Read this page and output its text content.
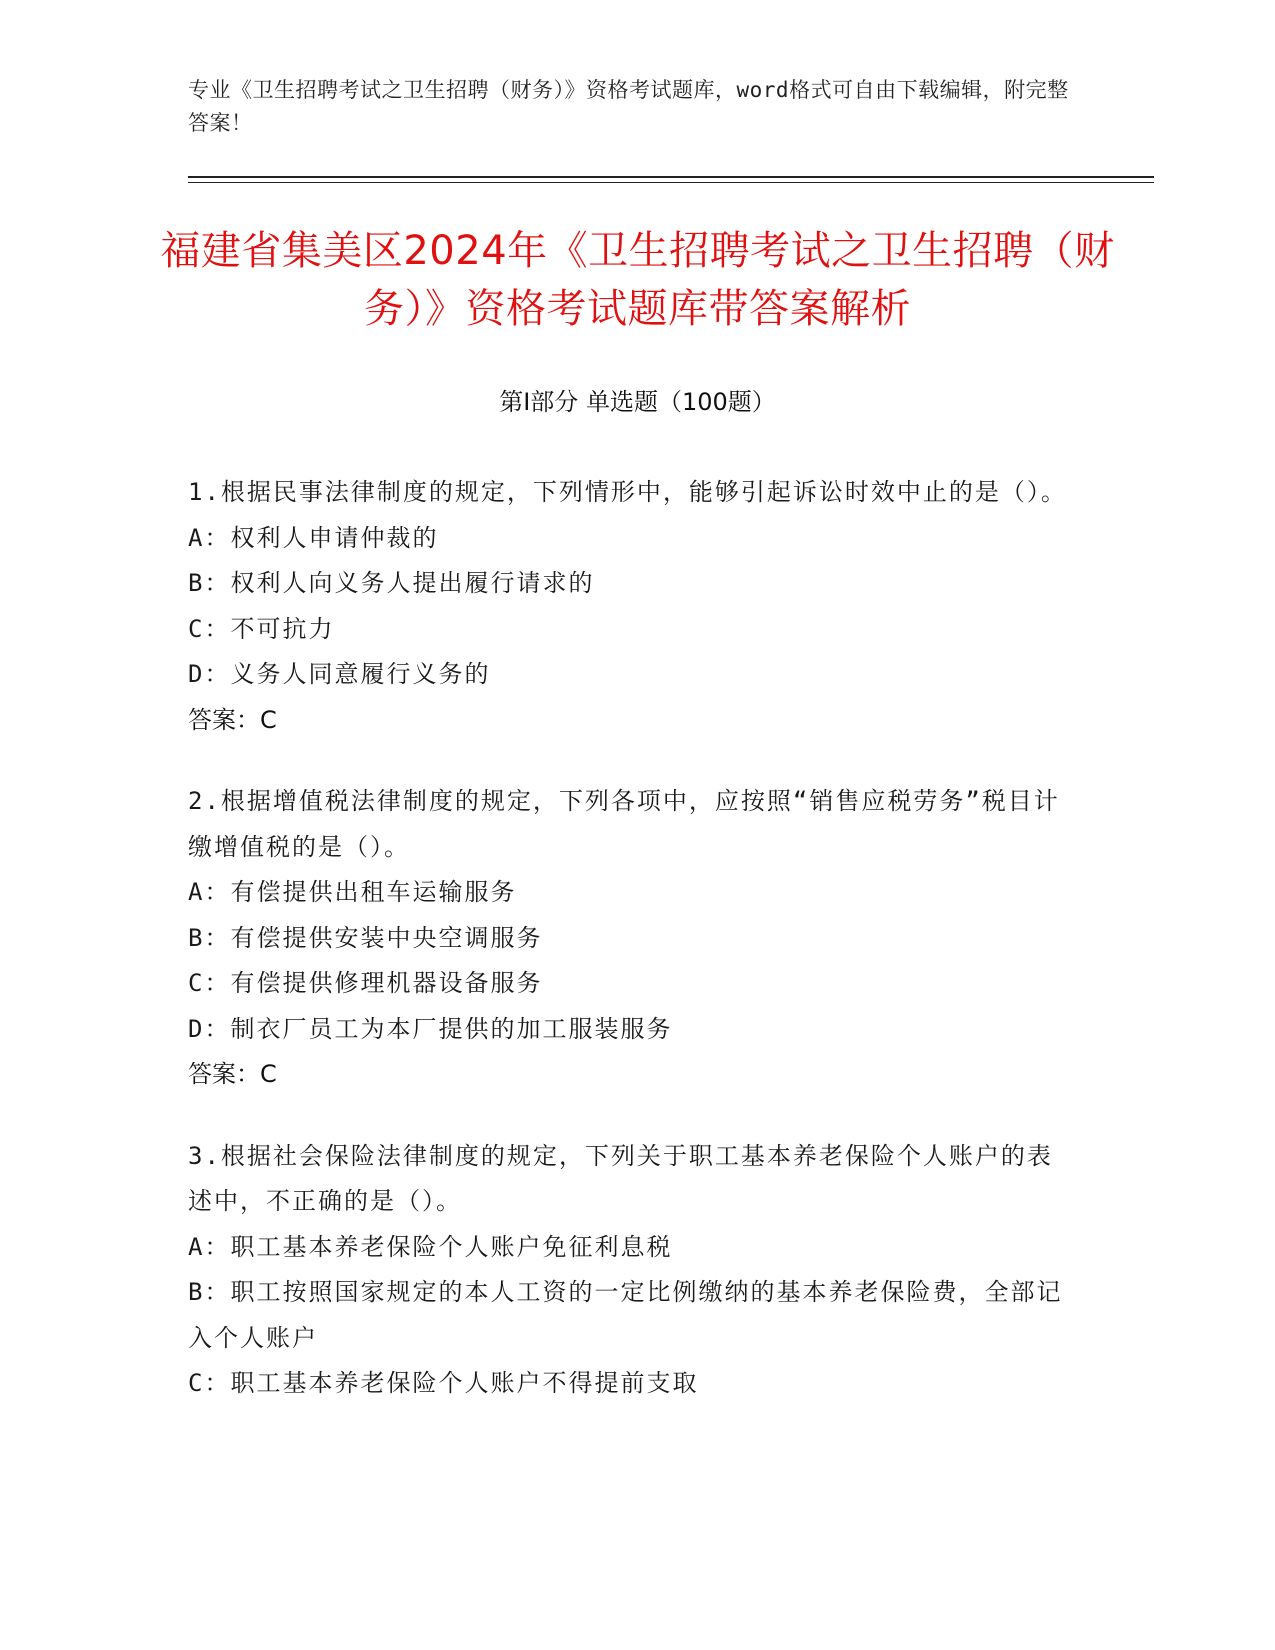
专业《卫生招聘考试之卫生招聘（财务）》资格考试题库，word格式可自由下载编辑，附完整答案！
福建省集美区2024年《卫生招聘考试之卫生招聘（财务）》资格考试题库带答案解析
第I部分 单选题（100题）

1.根据民事法律制度的规定，下列情形中，能够引起诉讼时效中止的是（）。

A：权利人申请仲裁的

B：权利人向义务人提出履行请求的

C：不可抗力

D：义务人同意履行义务的

答案：C

2.根据增值税法律制度的规定，下列各项中，应按照“销售应税劳务”税目计缴增值税的是（）。

A：有偿提供出租车运输服务

B：有偿提供安装中央空调服务

C：有偿提供修理机器设备服务

D：制衣厂员工为本厂提供的加工服装服务

答案：C

3.根据社会保险法律制度的规定，下列关于职工基本养老保险个人账户的表述中，不正确的是（）。

A：职工基本养老保险个人账户免征利息税

B：职工按照国家规定的本人工资的一定比例缴纳的基本养老保险费，全部记入个人账户

C：职工基本养老保险个人账户不得提前支取
